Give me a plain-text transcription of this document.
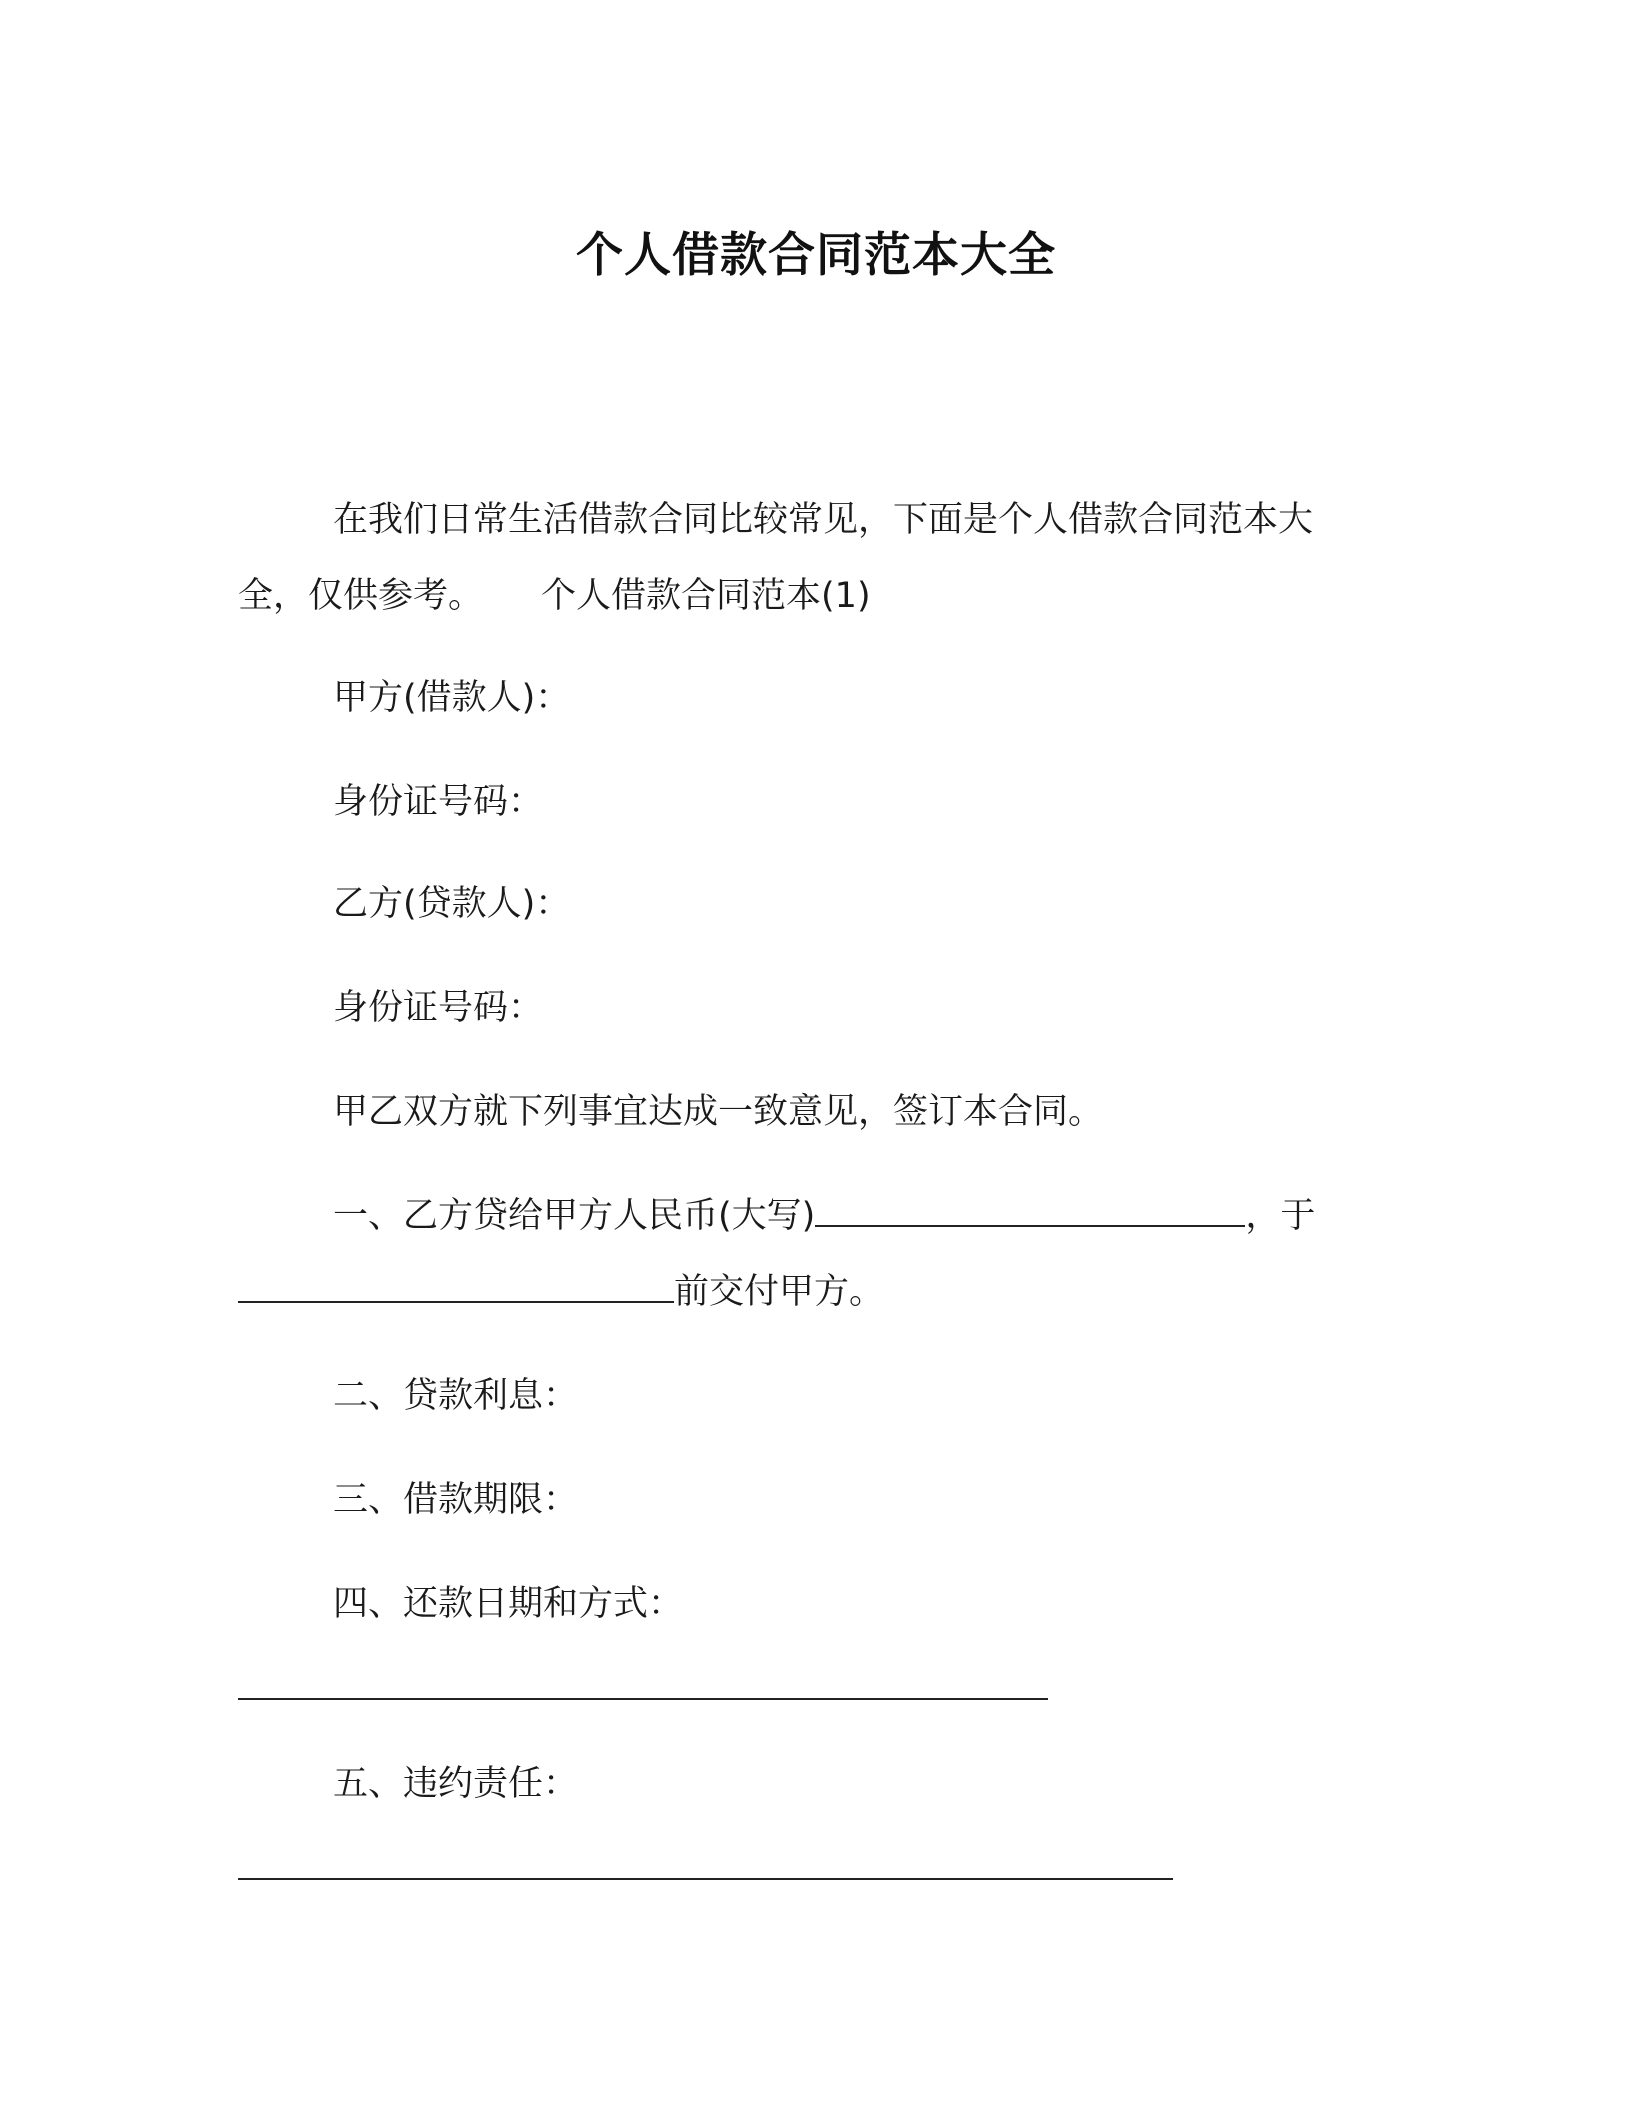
个人借款合同范本大全
在我们日常生活借款合同比较常见，下面是个人借款合同范本大
全，仅供参考。 个人借款合同范本(1)
甲方(借款人)：
身份证号码：
乙方(贷款人)：
身份证号码：
甲乙双方就下列事宜达成一致意见，签订本合同。
一、乙方贷给甲方人民币(大写)	，于
前交付甲方。
二、贷款利息：
三、借款期限：
四、还款日期和方式：
五、违约责任：
